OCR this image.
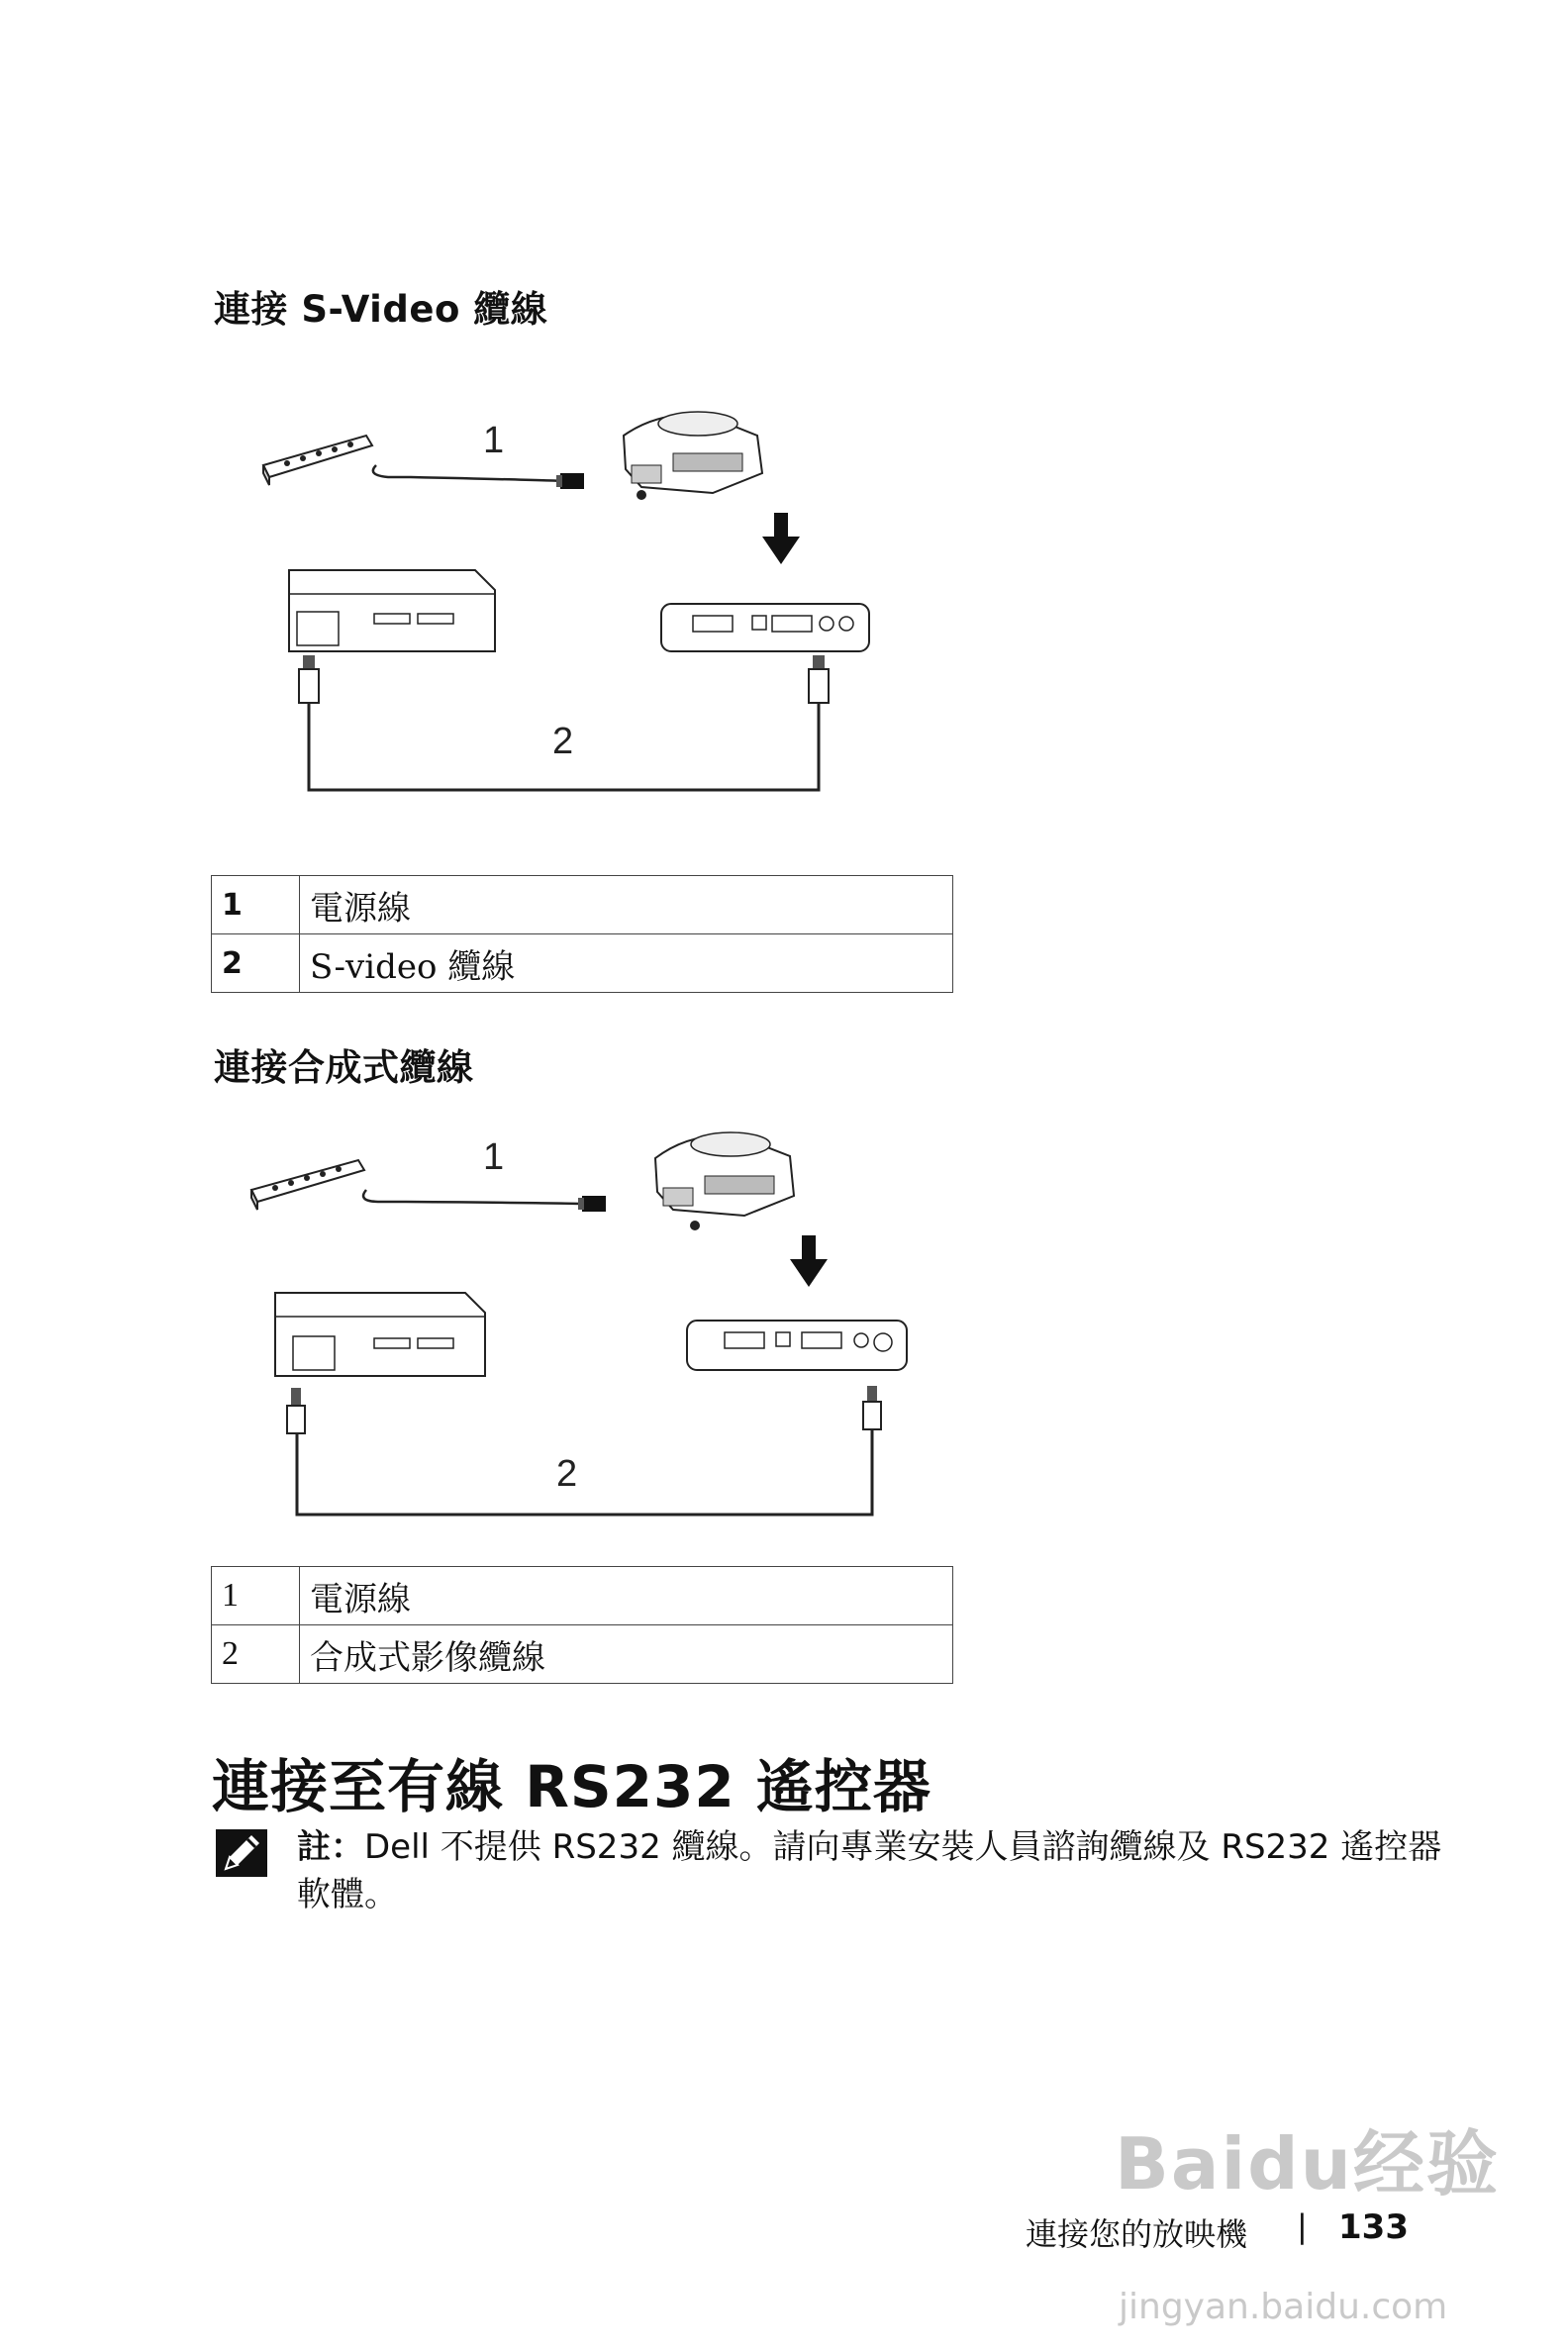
連接 S-Video 纜線
1
2
1	電源線
2	S-video 纜線
連接合成式纜線
1
2
1	電源線
2	合成式影像纜線
連接至有線 RS232 遙控器
註：Dell 不提供 RS232 纜線。請向專業安裝人員諮詢纜線及 RS232 遙控器軟體。
連接您的放映機 | 133
Baidu经验
jingyan.baidu.com
